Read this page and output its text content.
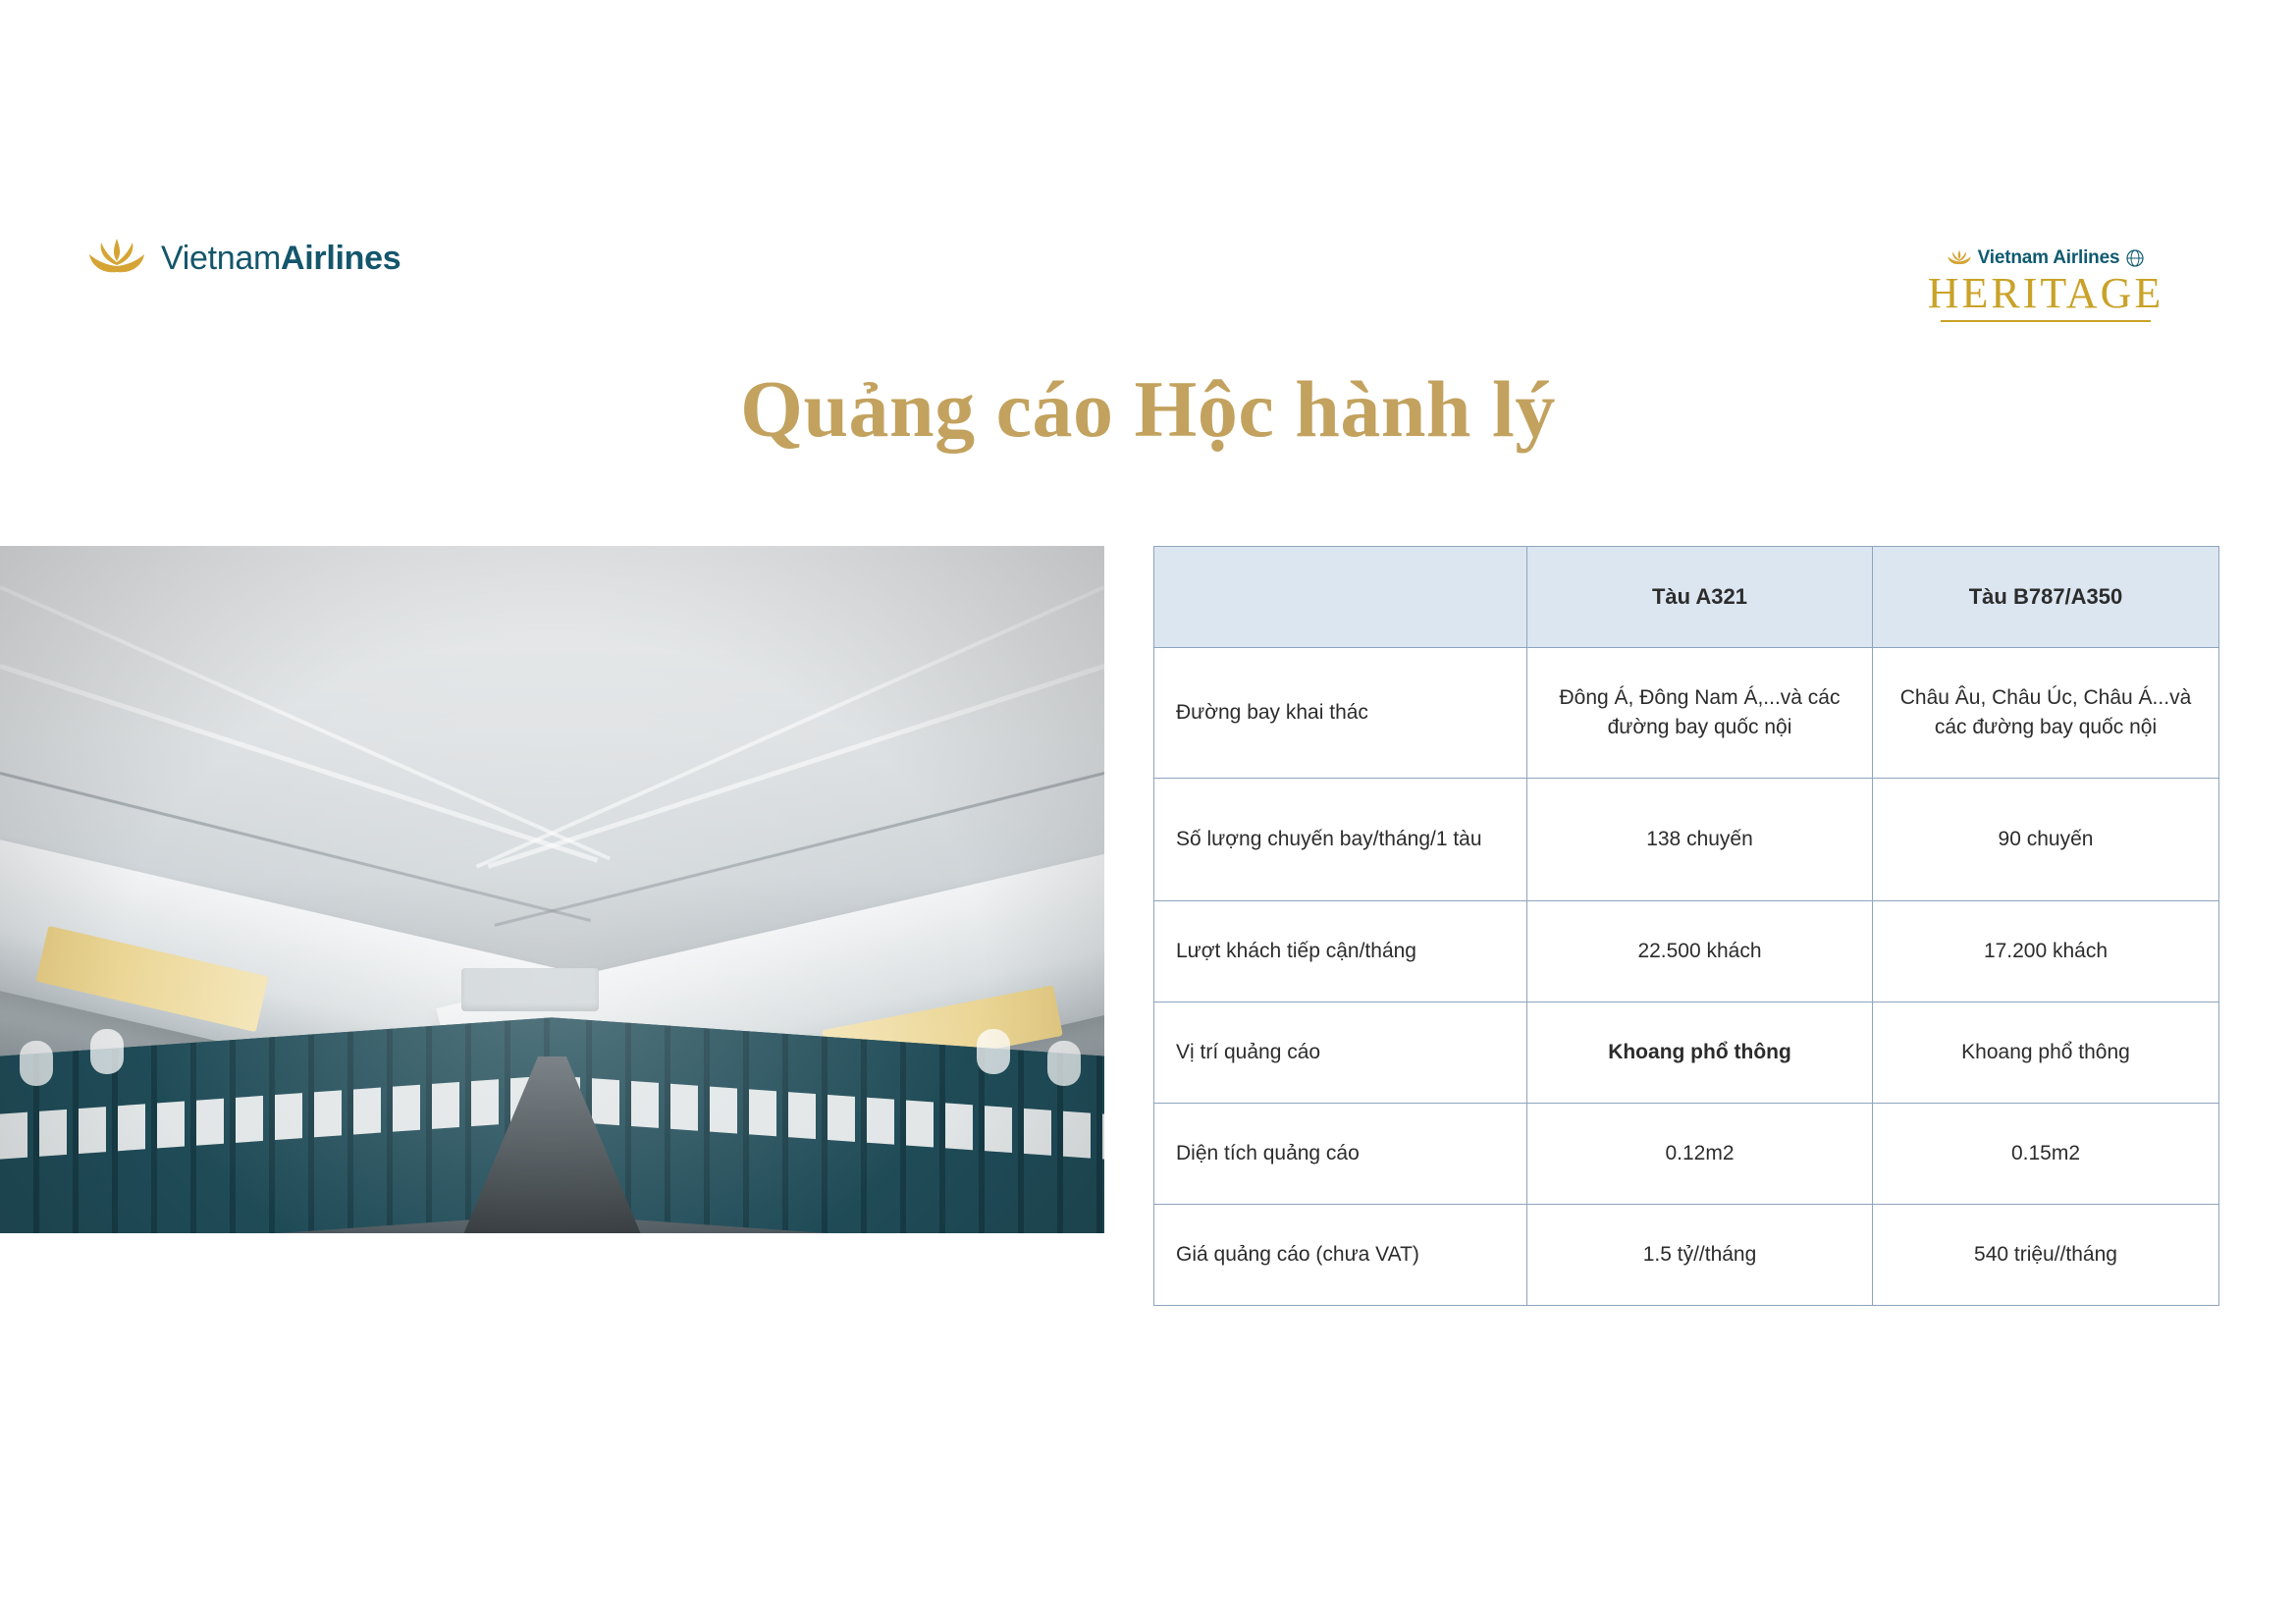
VietnamAirlines	Vietnam Airlines
HERITAGE
Quảng cáo Hộc hành lý
	Tàu A321	Tàu B787/A350
Đường bay khai thác	Đông Á, Đông Nam Á,...và các đường bay quốc nội	Châu Âu, Châu Úc, Châu Á...và các đường bay quốc nội
Số lượng chuyến bay/tháng/1 tàu	138 chuyến	90 chuyến
Lượt khách tiếp cận/tháng	22.500 khách	17.200 khách
Vị trí quảng cáo	Khoang phổ thông	Khoang phổ thông
Diện tích quảng cáo	0.12m2	0.15m2
Giá quảng cáo (chưa VAT)	1.5 tỷ//tháng	540 triệu//tháng
